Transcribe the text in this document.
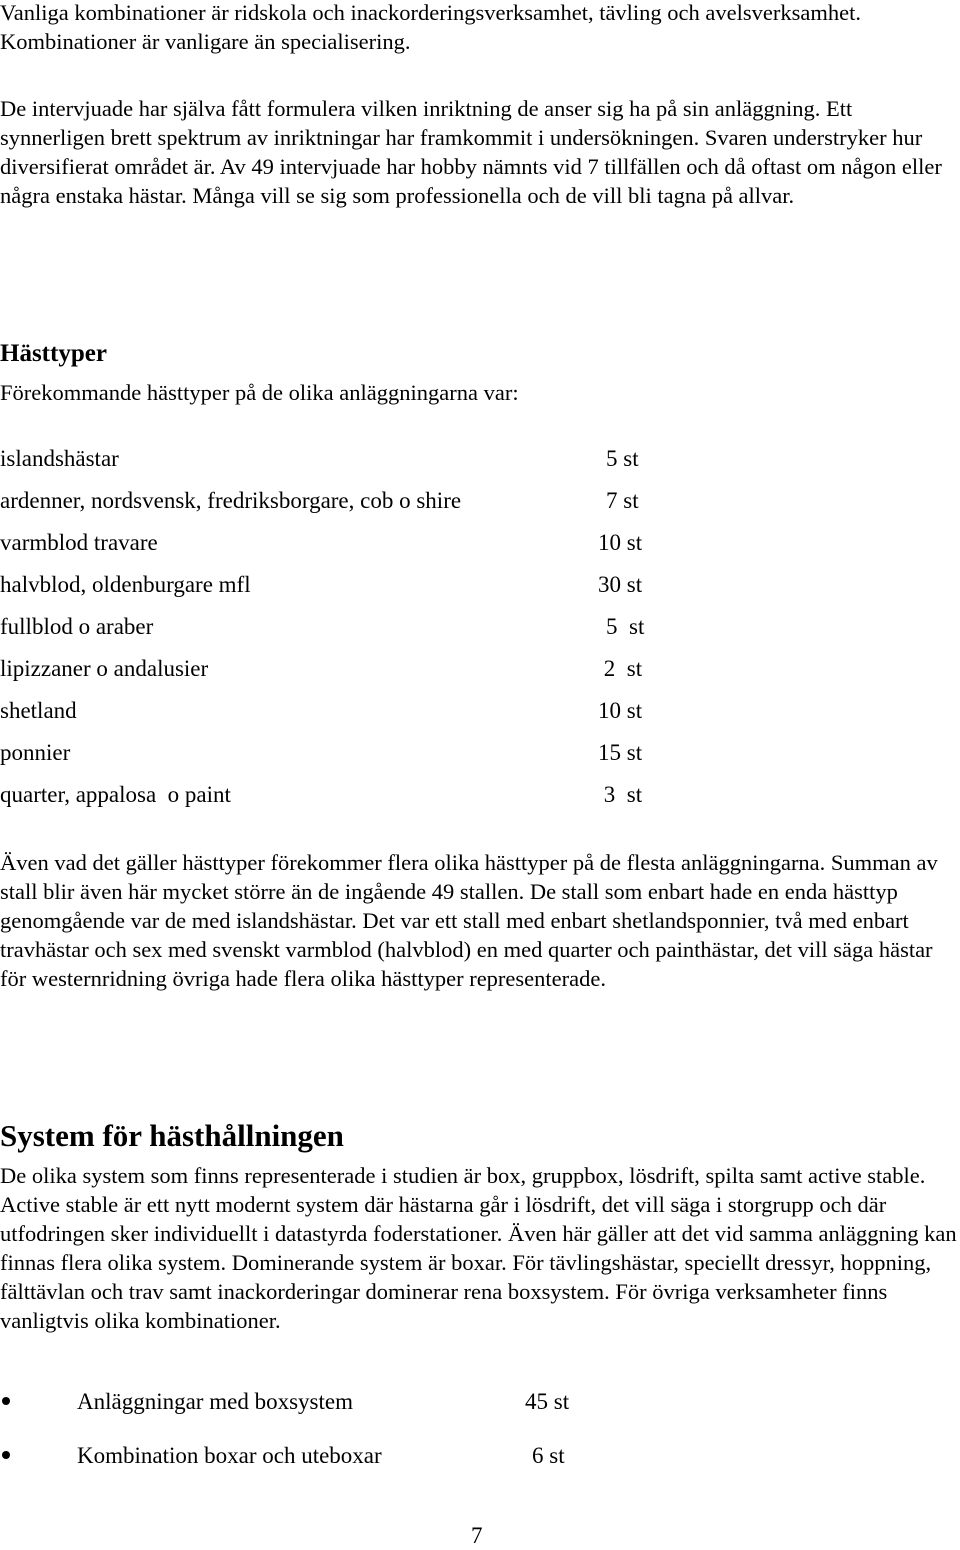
Vanliga kombinationer är ridskola och inackorderingsverksamhet, tävling och avelsverksamhet. Kombinationer är vanligare än specialisering.

De intervjuade har själva fått formulera vilken inriktning de anser sig ha på sin anläggning. Ett synnerligen brett spektrum av inriktningar har framkommit i undersökningen. Svaren understryker hur diversifierat området är. Av 49 intervjuade har hobby nämnts vid 7 tillfällen och då oftast om någon eller några enstaka hästar. Många vill se sig som professionella och de vill bli tagna på allvar.

Hästtyper

Förekommande hästtyper på de olika anläggningarna var:

islandshästar	5 st
ardenner, nordsvensk, fredriksborgare, cob o shire	7 st
varmblod travare	10 st
halvblod, oldenburgare mfl	30 st
fullblod o araber	5  st
lipizzaner o andalusier	2  st
shetland	10 st
ponnier	15 st
quarter, appalosa  o paint	3  st

Även vad det gäller hästtyper förekommer flera olika hästtyper på de flesta anläggningarna. Summan av stall blir även här mycket större än de ingående 49 stallen. De stall som enbart hade en enda hästtyp genomgående var de med islandshästar. Det var ett stall med enbart shetlandsponnier, två med enbart travhästar och sex med svenskt varmblod (halvblod) en med quarter och painthästar, det vill säga hästar för westernridning övriga hade flera olika hästtyper representerade.

System för hästhållningen

De olika system som finns representerade i studien är box, gruppbox, lösdrift, spilta samt active stable. Active stable är ett nytt modernt system där hästarna går i lösdrift, det vill säga i storgrupp och där utfodringen sker individuellt i datastyrda foderstationer. Även här gäller att det vid samma anläggning kan finnas flera olika system. Dominerande system är boxar. För tävlingshästar, speciellt dressyr, hoppning, fälttävlan och trav samt inackorderingar dominerar rena boxsystem. För övriga verksamheter finns vanligtvis olika kombinationer.

Anläggningar med boxsystem	45 st
Kombination boxar och uteboxar	6 st
7
